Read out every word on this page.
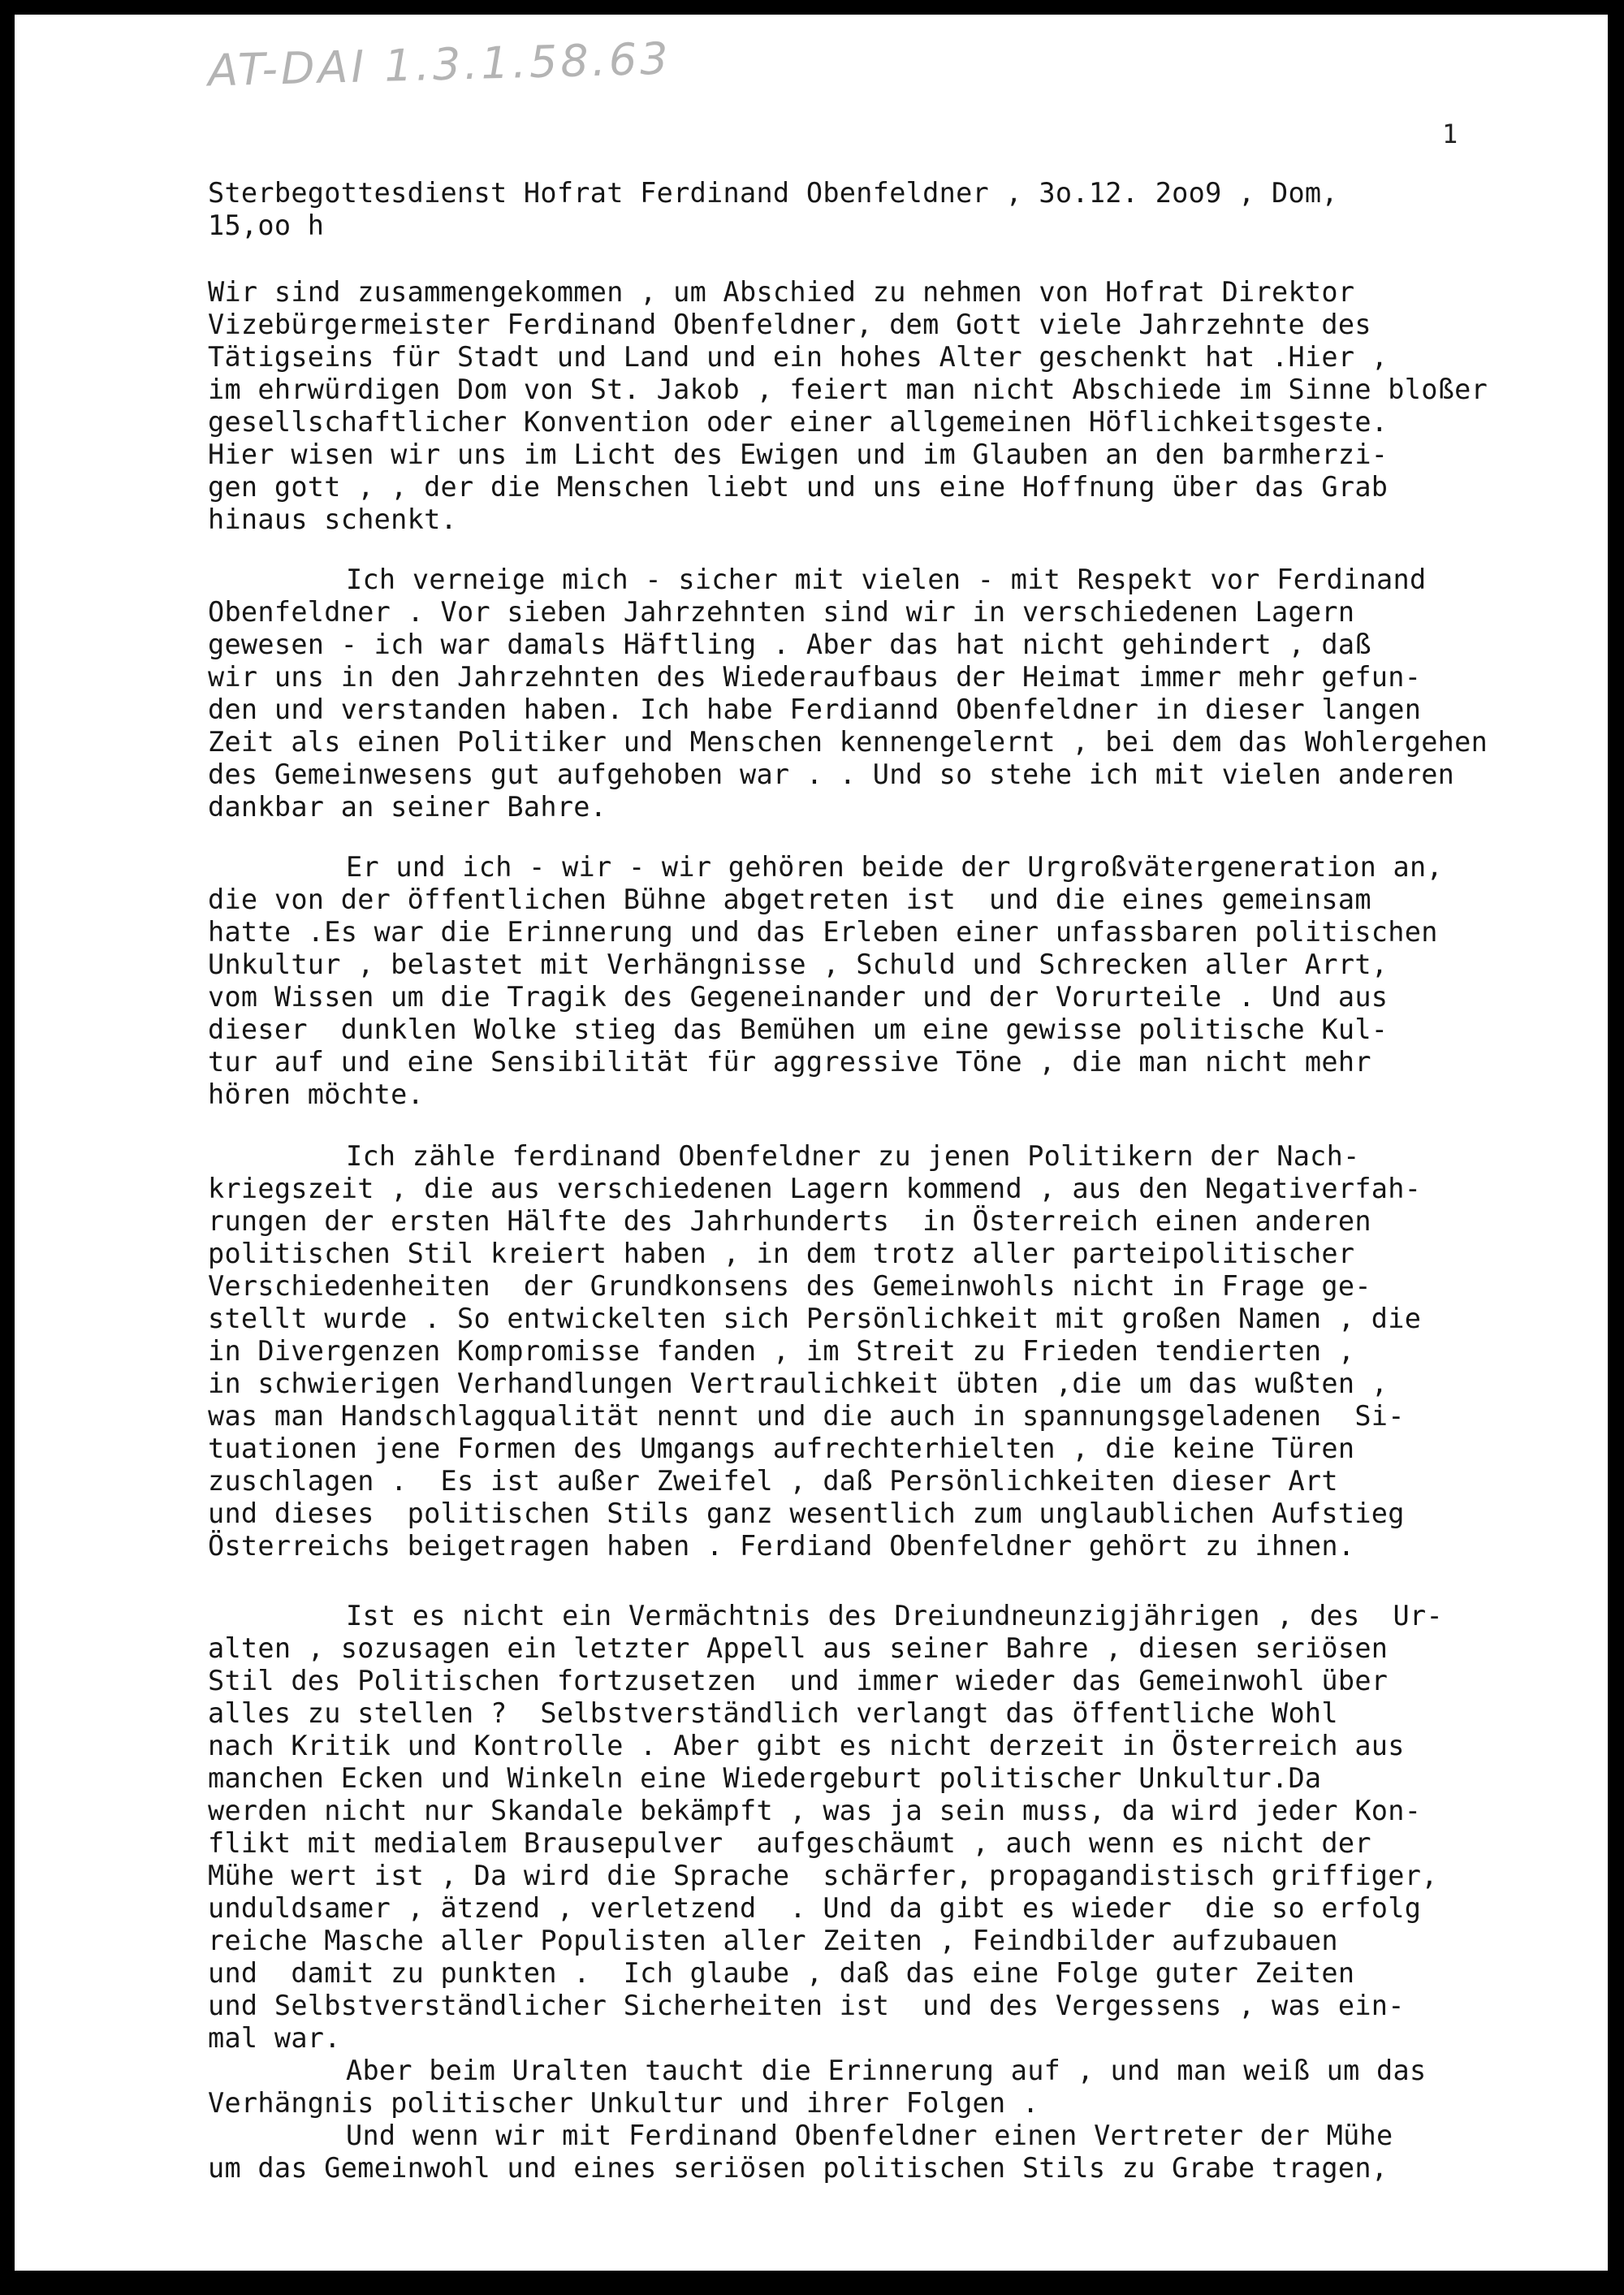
AT-DAI 1.3.1.58.63
1
Sterbegottesdienst Hofrat Ferdinand Obenfeldner , 3o.12. 2oo9 , Dom,
15,oo h
Wir sind zusammengekommen , um Abschied zu nehmen von Hofrat Direktor
Vizebürgermeister Ferdinand Obenfeldner, dem Gott viele Jahrzehnte des
Tätigseins für Stadt und Land und ein hohes Alter geschenkt hat .Hier ,
im ehrwürdigen Dom von St. Jakob , feiert man nicht Abschiede im Sinne bloßer
gesellschaftlicher Konvention oder einer allgemeinen Höflichkeitsgeste.
Hier wisen wir uns im Licht des Ewigen und im Glauben an den barmherzi-
gen gott , , der die Menschen liebt und uns eine Hoffnung über das Grab
hinaus schenkt.
Ich verneige mich - sicher mit vielen - mit Respekt vor Ferdinand
Obenfeldner . Vor sieben Jahrzehnten sind wir in verschiedenen Lagern
gewesen - ich war damals Häftling . Aber das hat nicht gehindert , daß
wir uns in den Jahrzehnten des Wiederaufbaus der Heimat immer mehr gefun-
den und verstanden haben. Ich habe Ferdiannd Obenfeldner in dieser langen
Zeit als einen Politiker und Menschen kennengelernt , bei dem das Wohlergehen
des Gemeinwesens gut aufgehoben war . . Und so stehe ich mit vielen anderen
dankbar an seiner Bahre.
Er und ich - wir - wir gehören beide der Urgroßvätergeneration an,
die von der öffentlichen Bühne abgetreten ist  und die eines gemeinsam
hatte .Es war die Erinnerung und das Erleben einer unfassbaren politischen
Unkultur , belastet mit Verhängnisse , Schuld und Schrecken aller Arrt,
vom Wissen um die Tragik des Gegeneinander und der Vorurteile . Und aus
dieser  dunklen Wolke stieg das Bemühen um eine gewisse politische Kul-
tur auf und eine Sensibilität für aggressive Töne , die man nicht mehr
hören möchte.
Ich zähle ferdinand Obenfeldner zu jenen Politikern der Nach-
kriegszeit , die aus verschiedenen Lagern kommend , aus den Negativerfah-
rungen der ersten Hälfte des Jahrhunderts  in Österreich einen anderen
politischen Stil kreiert haben , in dem trotz aller parteipolitischer
Verschiedenheiten  der Grundkonsens des Gemeinwohls nicht in Frage ge-
stellt wurde . So entwickelten sich Persönlichkeit mit großen Namen , die
in Divergenzen Kompromisse fanden , im Streit zu Frieden tendierten ,
in schwierigen Verhandlungen Vertraulichkeit übten ,die um das wußten ,
was man Handschlagqualität nennt und die auch in spannungsgeladenen  Si-
tuationen jene Formen des Umgangs aufrechterhielten , die keine Türen
zuschlagen .  Es ist außer Zweifel , daß Persönlichkeiten dieser Art
und dieses  politischen Stils ganz wesentlich zum unglaublichen Aufstieg
Österreichs beigetragen haben . Ferdiand Obenfeldner gehört zu ihnen.
Ist es nicht ein Vermächtnis des Dreiundneunzigjährigen , des  Ur-
alten , sozusagen ein letzter Appell aus seiner Bahre , diesen seriösen
Stil des Politischen fortzusetzen  und immer wieder das Gemeinwohl über
alles zu stellen ?  Selbstverständlich verlangt das öffentliche Wohl
nach Kritik und Kontrolle . Aber gibt es nicht derzeit in Österreich aus
manchen Ecken und Winkeln eine Wiedergeburt politischer Unkultur.Da
werden nicht nur Skandale bekämpft , was ja sein muss, da wird jeder Kon-
flikt mit medialem Brausepulver  aufgeschäumt , auch wenn es nicht der
Mühe wert ist , Da wird die Sprache  schärfer, propagandistisch griffiger,
unduldsamer , ätzend , verletzend  . Und da gibt es wieder  die so erfolg
reiche Masche aller Populisten aller Zeiten , Feindbilder aufzubauen
und  damit zu punkten .  Ich glaube , daß das eine Folge guter Zeiten
und Selbstverständlicher Sicherheiten ist  und des Vergessens , was ein-
mal war.
Aber beim Uralten taucht die Erinnerung auf , und man weiß um das
Verhängnis politischer Unkultur und ihrer Folgen .
Und wenn wir mit Ferdinand Obenfeldner einen Vertreter der Mühe
um das Gemeinwohl und eines seriösen politischen Stils zu Grabe tragen,
